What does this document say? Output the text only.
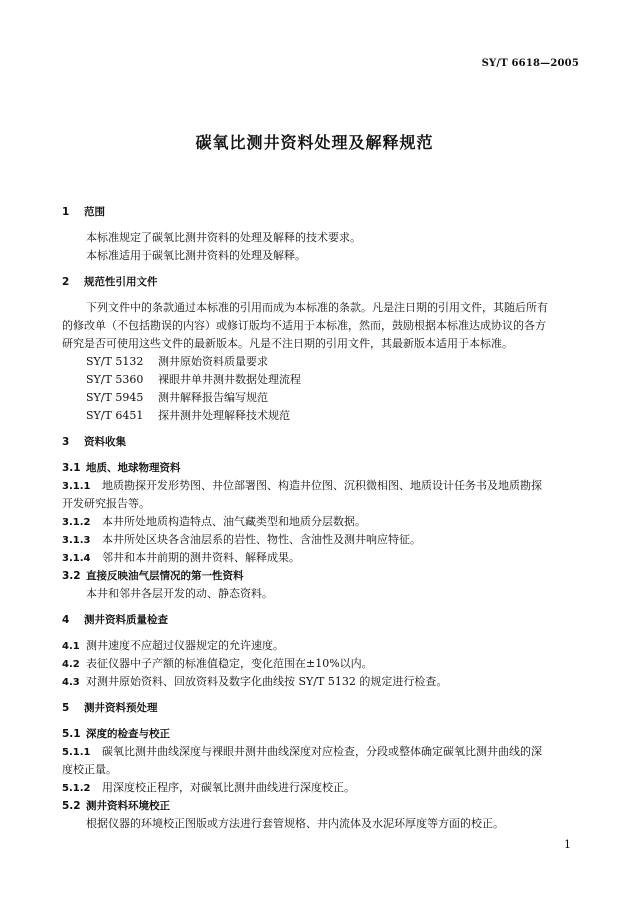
SY/T 6618—2005
碳氧比测井资料处理及解释规范
1 范围
本标准规定了碳氧比测井资料的处理及解释的技术要求。
本标准适用于碳氧比测井资料的处理及解释。
2 规范性引用文件
下列文件中的条款通过本标准的引用而成为本标准的条款。凡是注日期的引用文件，其随后所有
的修改单（不包括勘误的内容）或修订版均不适用于本标准，然而，鼓励根据本标准达成协议的各方
研究是否可使用这些文件的最新版本。凡是不注日期的引用文件，其最新版本适用于本标准。
SY/T 5132 测井原始资料质量要求
SY/T 5360 裸眼井单井测井数据处理流程
SY/T 5945 测井解释报告编写规范
SY/T 6451 探井测井处理解释技术规范
3 资料收集
3.1 地质、地球物理资料
3.1.1 地质勘探开发形势图、井位部署图、构造井位图、沉积微相图、地质设计任务书及地质勘探
开发研究报告等。
3.1.2 本井所处地质构造特点、油气藏类型和地质分层数据。
3.1.3 本井所处区块各含油层系的岩性、物性、含油性及测井响应特征。
3.1.4 邻井和本井前期的测井资料、解释成果。
3.2 直接反映油气层情况的第一性资料
本井和邻井各层开发的动、静态资料。
4 测井资料质量检查
4.1 测井速度不应超过仪器规定的允许速度。
4.2 表征仪器中子产额的标准值稳定，变化范围在±10%以内。
4.3 对测井原始资料、回放资料及数字化曲线按 SY/T 5132 的规定进行检查。
5 测井资料预处理
5.1 深度的检查与校正
5.1.1 碳氧比测井曲线深度与裸眼井测井曲线深度对应检查，分段或整体确定碳氧比测井曲线的深
度校正量。
5.1.2 用深度校正程序，对碳氧比测井曲线进行深度校正。
5.2 测井资料环境校正
根据仪器的环境校正图版或方法进行套管规格、井内流体及水泥环厚度等方面的校正。
1
